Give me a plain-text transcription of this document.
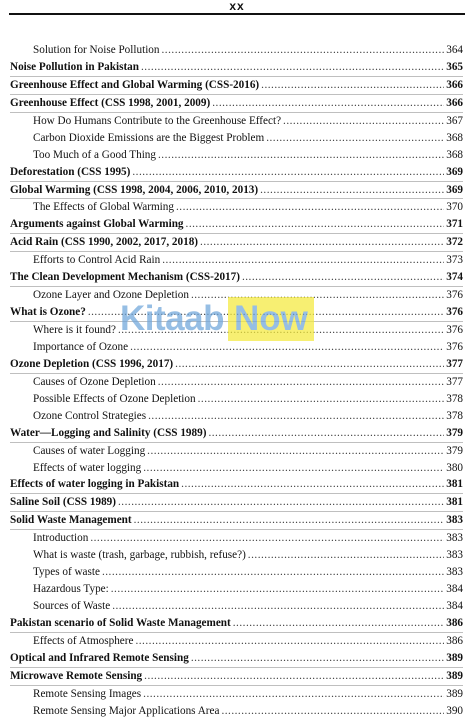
xx
Solution for Noise Pollution .....	364
Noise Pollution in Pakistan .....	365
Greenhouse Effect and Global Warming (CSS-2016) .....	366
Greenhouse Effect (CSS 1998, 2001, 2009) .....	366
How Do Humans Contribute to the Greenhouse Effect? .....	367
Carbon Dioxide Emissions are the Biggest Problem .....	368
Too Much of a Good Thing .....	368
Deforestation (CSS 1995) .....	369
Global Warming (CSS 1998, 2004, 2006, 2010, 2013) .....	369
The Effects of Global Warming .....	370
Arguments against Global Warming .....	371
Acid Rain (CSS 1990, 2002, 2017, 2018) .....	372
Efforts to Control Acid Rain .....	373
The Clean Development Mechanism (CSS-2017) .....	374
Ozone Layer and Ozone Depletion .....	376
What is Ozone? .....	376
Where is it found? .....	376
Importance of Ozone .....	376
Ozone Depletion (CSS 1996, 2017) .....	377
Causes of Ozone Depletion .....	377
Possible Effects of Ozone Depletion .....	378
Ozone Control Strategies .....	378
Water—Logging and Salinity (CSS 1989) .....	379
Causes of water Logging .....	379
Effects of water logging .....	380
Effects of water logging in Pakistan .....	381
Saline Soil (CSS 1989) .....	381
Solid Waste Management .....	383
Introduction .....	383
What is waste (trash, garbage, rubbish, refuse?) .....	383
Types of waste .....	383
Hazardous Type: .....	384
Sources of Waste .....	384
Pakistan scenario of Solid Waste Management .....	386
Effects of Atmosphere .....	386
Optical and Infrared Remote Sensing .....	389
Microwave Remote Sensing .....	389
Remote Sensing Images .....	389
Remote Sensing Major Applications Area .....	390
Kitaab Now
